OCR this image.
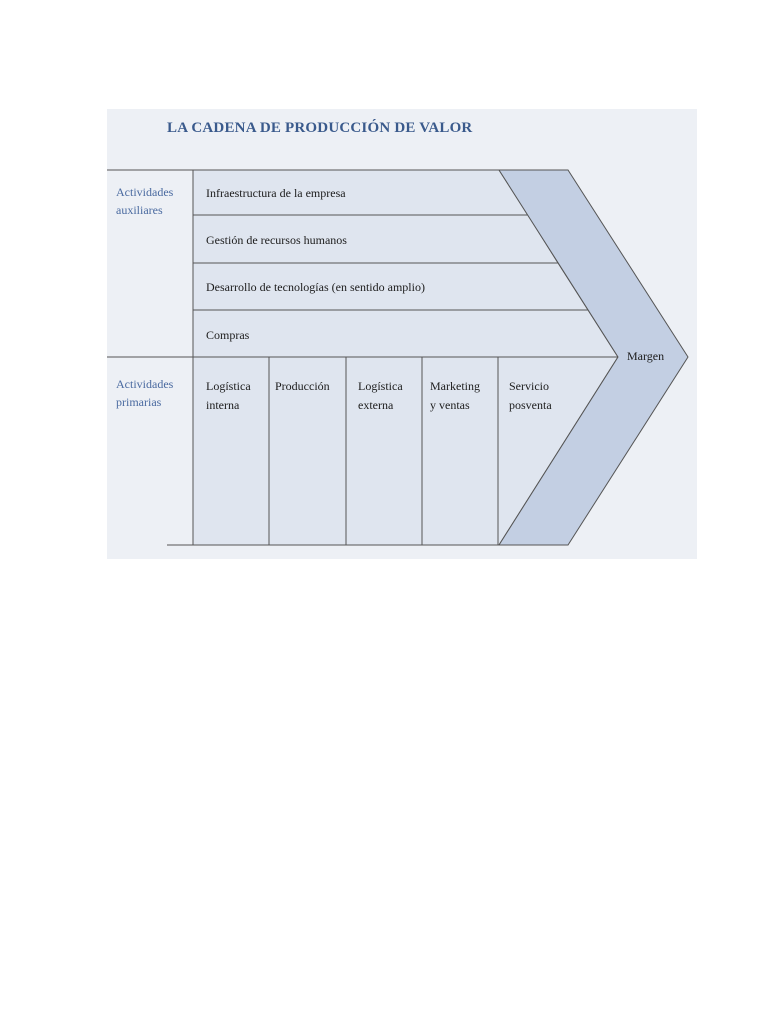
LA CADENA DE PRODUCCIÓN DE VALOR
Actividades
auxiliares
Actividades
primarias
Infraestructura de la empresa
Gestión de recursos humanos
Desarrollo de tecnologías (en sentido amplio)
Compras
Logística
interna
Producción Logística
externa
Marketing
y ventas
Servicio
posventa
Margen
